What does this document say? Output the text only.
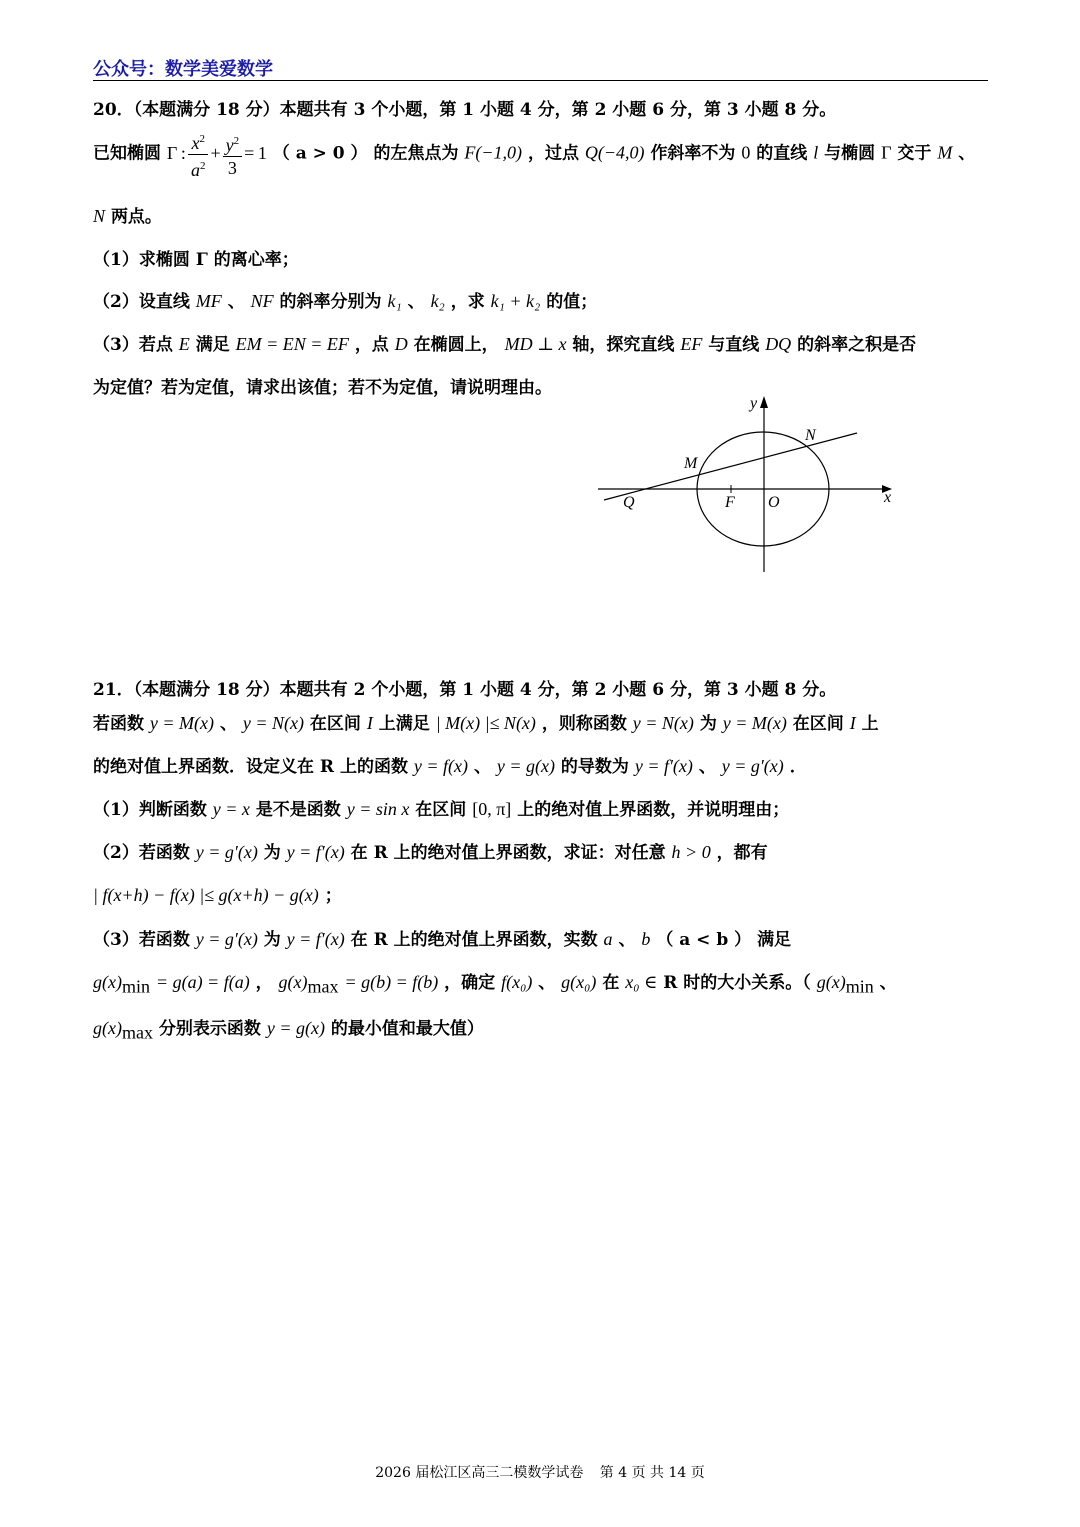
公众号：数学美爱数学
20．（本题满分 18 分）本题共有 3 个小题，第 1 小题 4 分，第 2 小题 6 分，第 3 小题 8 分。
已知椭圆 Γ : $\frac{x^2}{a^2} + \frac{y^2}{3} = 1$ （ a > 0 ） 的左焦点为 F(−1,0) ，过点 Q(−4,0) 作斜率不为 0 的直线 l 与椭圆 Γ 交于 M 、
N 两点。
（1）求椭圆 Γ 的离心率；
（2）设直线 MF 、 NF 的斜率分别为 k₁ 、 k₂ ，求 k₁ + k₂ 的值；
（3）若点 E 满足 EM = EN = EF ，点 D 在椭圆上， MD ⊥ x 轴，探究直线 EF 与直线 DQ 的斜率之积是否
为定值？若为定值，请求出该值；若不为定值，请说明理由。
y
x
N
M
Q	F O
21．（本题满分 18 分）本题共有 2 个小题，第 1 小题 4 分，第 2 小题 6 分，第 3 小题 8 分。
若函数 y = M(x) 、 y = N(x) 在区间 I 上满足 | M(x) |≤ N(x) ，则称函数 y = N(x) 为 y = M(x) 在区间 I 上
的绝对值上界函数．设定义在 R 上的函数 y = f(x) 、 y = g(x) 的导数为 y = f′(x) 、 y = g′(x) ．
（1）判断函数 y = x 是不是函数 y = sin x 在区间 [0, π] 上的绝对值上界函数，并说明理由；
（2）若函数 y = g′(x) 为 y = f′(x) 在 R 上的绝对值上界函数，求证：对任意 h > 0 ，都有
| f(x+h) − f(x) |≤ g(x+h) − g(x) ；
（3）若函数 y = g′(x) 为 y = f′(x) 在 R 上的绝对值上界函数，实数 a 、 b （ a < b ） 满足
$g(x)_{min} = g(a) = f(a)$ ， $g(x)_{max} = g(b) = f(b)$ ，确定 f(x₀) 、 g(x₀) 在 x₀ ∈ R 时的大小关系。（ $g(x)_{min}$ 、
$g(x)_{max}$ 分别表示函数 y = g(x) 的最小值和最大值）
2026 届松江区高三二模数学试卷 第 4 页 共 14 页
